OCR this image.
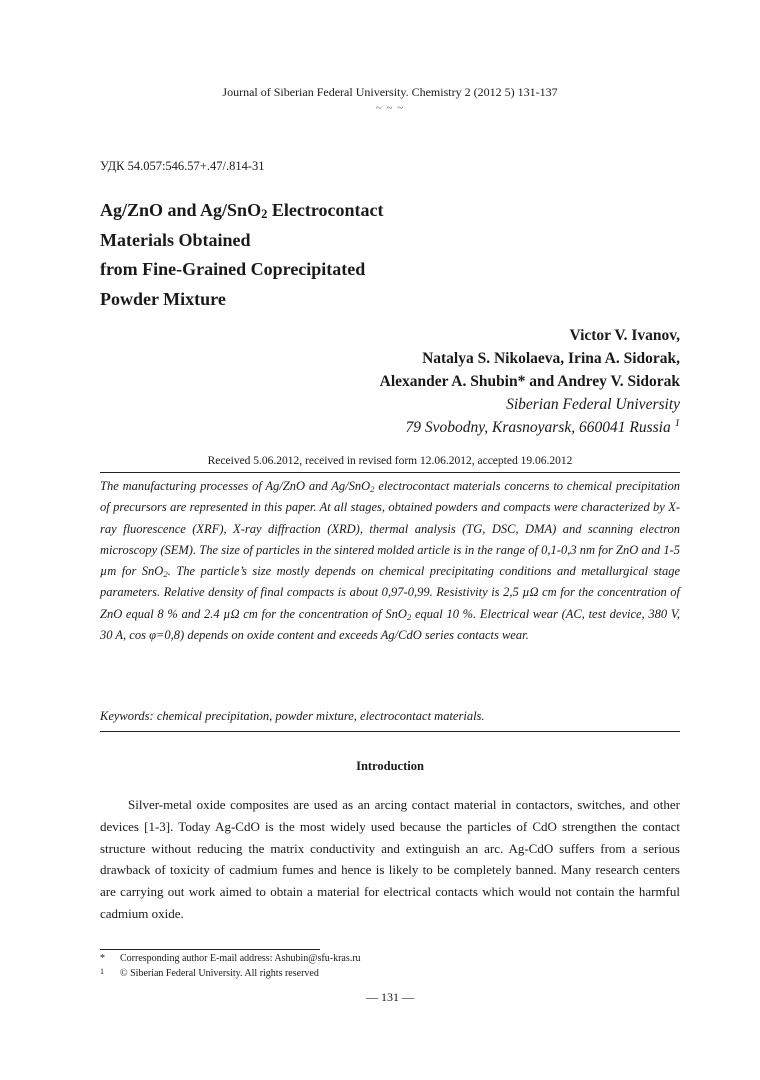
Journal of Siberian Federal University. Chemistry 2 (2012 5) 131-137
~ ~ ~
УДК 54.057:546.57+.47/.814-31
Ag/ZnO and Ag/SnO$_2$ Electrocontact
Materials Obtained
from Fine-Grained Coprecipitated
Powder Mixture
Victor V. Ivanov,
Natalya S. Nikolaeva, Irina A. Sidorak,
Alexander A. Shubin* and Andrey V. Sidorak
Siberian Federal University
79 Svobodny, Krasnoyarsk, 660041 Russia $^1$
Received 5.06.2012, received in revised form 12.06.2012, accepted 19.06.2012
The manufacturing processes of Ag/ZnO and Ag/SnO$_2$ electrocontact materials concerns to chemical precipitation of precursors are represented in this paper. At all stages, obtained powders and compacts were characterized by X-ray fluorescence (XRF), X-ray diffraction (XRD), thermal analysis (TG, DSC, DMA) and scanning electron microscopy (SEM). The size of particles in the sintered molded article is in the range of 0,1-0,3 nm for ZnO and 1-5 µm for SnO$_2$. The particle’s size mostly depends on chemical precipitating conditions and metallurgical stage parameters. Relative density of final compacts is about 0,97-0,99. Resistivity is 2,5 µΩ cm for the concentration of ZnO equal 8 % and 2.4 µΩ cm for the concentration of SnO$_2$ equal 10 %. Electrical wear (AC, test device, 380 V, 30 A, cos φ=0,8) depends on oxide content and exceeds Ag/CdO series contacts wear.
Keywords: chemical precipitation, powder mixture, electrocontact materials.
Introduction
Silver-metal oxide composites are used as an arcing contact material in contactors, switches, and other devices [1-3]. Today Ag-CdO is the most widely used because the particles of CdO strengthen the contact structure without reducing the matrix conductivity and extinguish an arc. Ag-CdO suffers from a serious drawback of toxicity of cadmium fumes and hence is likely to be completely banned. Many research centers are carrying out work aimed to obtain a material for electrical contacts which would not contain the harmful cadmium oxide.
* Corresponding author E-mail address: Ashubin@sfu-kras.ru
1 © Siberian Federal University. All rights reserved
— 131 —
